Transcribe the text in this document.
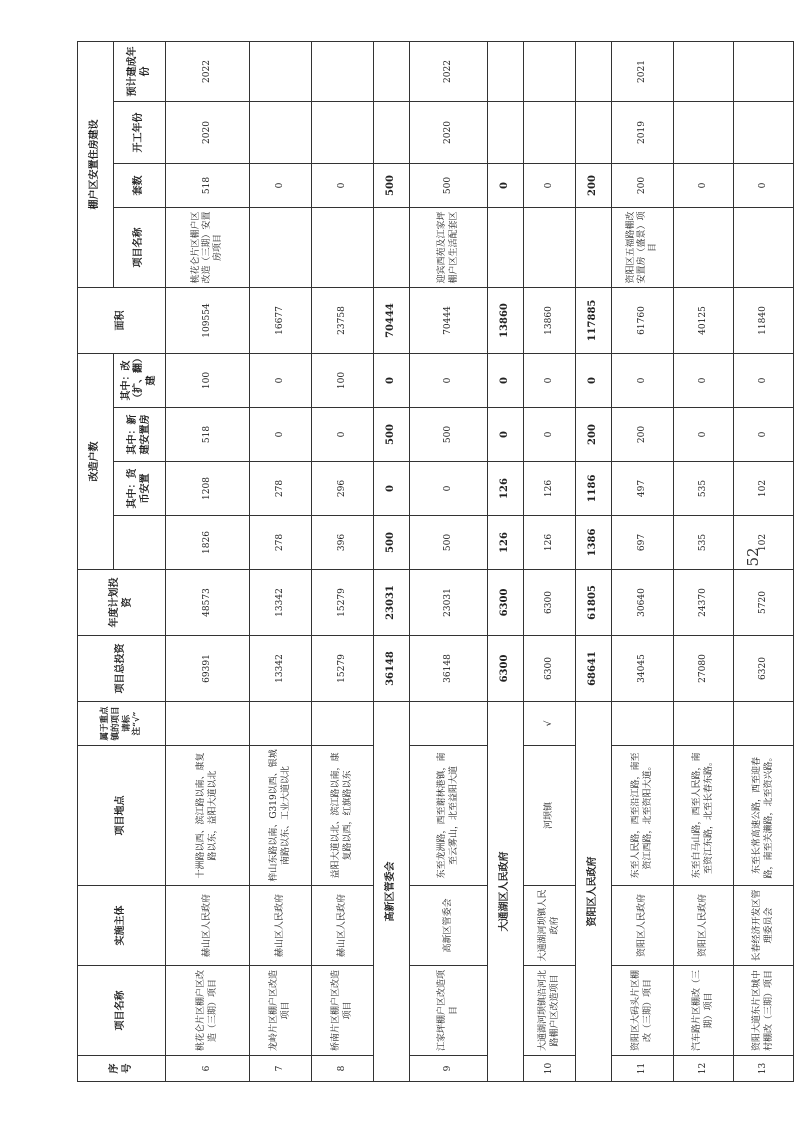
序号	项目名称	实施主体	项目地点	属于重点镇的项目请标注“√”	项目总投资	年度计划投资	改造户数				面积	棚户区安置住房建设			
								其中：货币安置	其中：新建安置房	其中：改（扩、翻）建		项目名称	套数	开工年份	预计建成年份
6	桃花仑片区棚户区改造（三期）项目	赫山区人民政府	十洲路以西、滨江路以南、康复路以东，益阳大道以北		69391	48573	1826	1208	518	100	109554	桃花仑片区棚户区改造（三期）安置房项目	518	2020	2022
7	龙岭片区棚户区改造项目	赫山区人民政府	梓山东路以南、G319以西、银城南路以东、工业大道以北		13342	13342	278	278	0	0	16677		0		
8	桥南片区棚户区改造项目	赫山区人民政府	益阳大道以北、滨江路以南，康复路以西，红旗路以东		15279	15279	396	296	0	100	23758		0		
高新区管委会					36148	23031	500	0	500	0	70444		500		
9	江家坪棚户区改造项目	高新区管委会	东至龙洲路，西至谢林港镇，南至云雾山，北至益阳大道		36148	23031	500	0	500	0	70444	迎宾西苑及江家坪棚户区生活配套区	500	2020	2022
大通湖区人民政府					6300	6300	126	126	0	0	13860		0		
10	大通湖河坝镇沿河北路棚户区改造项目	大通湖河坝镇人民政府	河坝镇	√	6300	6300	126	126	0	0	13860		0		
资阳区人民政府					68641	61805	1386	1186	200	0	117885		200		
11	资阳区大码头片区棚改（三期）项目	资阳区人民政府	东至人民路，西至沿江路，南至资江西路，北至资阳大道。		34045	30640	697	497	200	0	61760	资阳区五福路棚改安置房（盛景）项目	200	2019	2021
12	汽车路片区棚改（三期）项目	资阳区人民政府	东至白马山路，西至人民路，南至资江东路，北至长春东路。		27080	24370	535	535	0	0	40125		0		
13	资阳大道东片区城中村棚改（三期）项目	长春经济开发区管理委员会	东至长常高速公路，西至迎春路，南至关濑路，北至资兴路。		6320	5720	102	102	0	0	11840		0		
52
